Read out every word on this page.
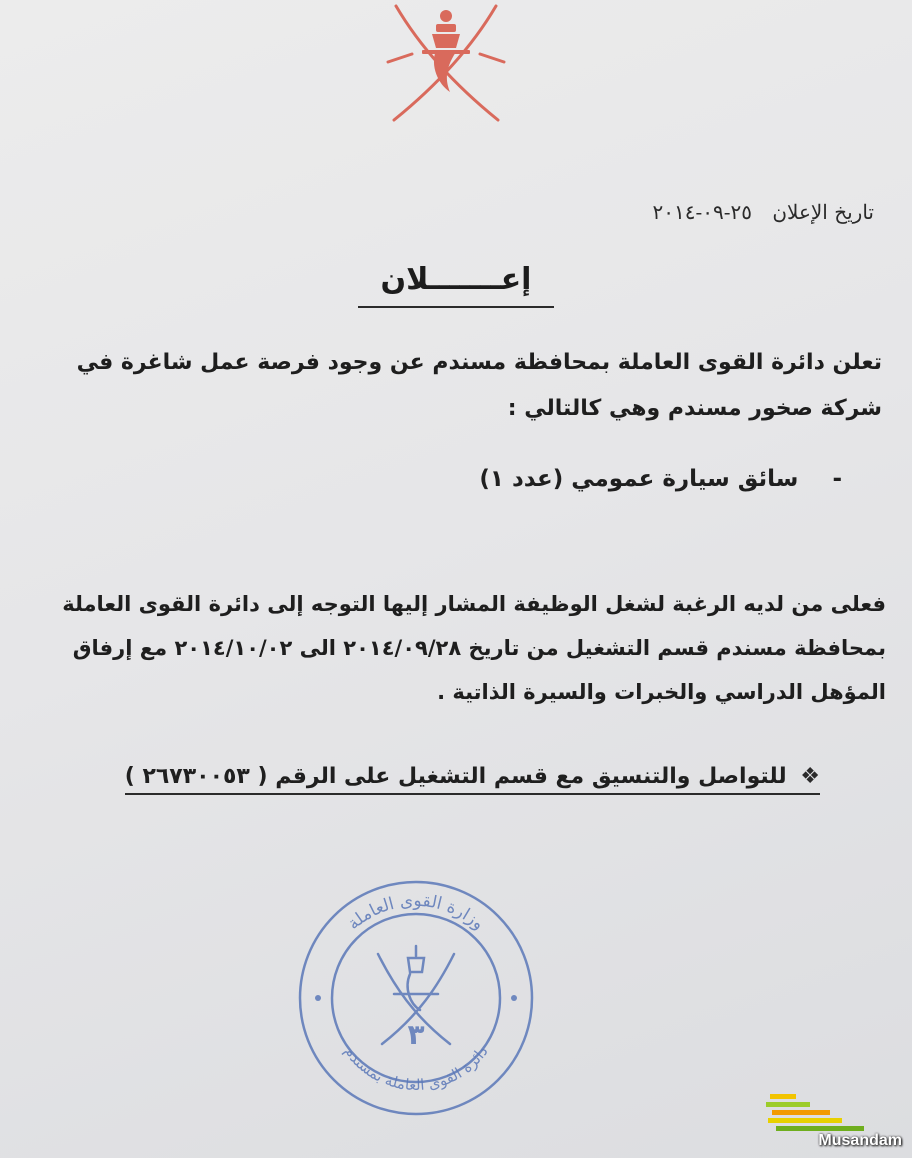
تاريخ الإعلان ٢٥-٠٩-٢٠١٤
إعـــــــلان
تعلن دائرة القوى العاملة بمحافظة مسندم عن وجود فرصة عمل شاغرة في شركة صخور مسندم وهي كالتالي :
- سائق سيارة عمومي (عدد ١)
فعلى من لديه الرغبة لشغل الوظيفة المشار إليها التوجه إلى دائرة القوى العاملة بمحافظة مسندم قسم التشغيل من تاريخ ٢٠١٤/٠٩/٢٨ الى ٢٠١٤/١٠/٠٢ مع إرفاق المؤهل الدراسي والخبرات والسيرة الذاتية .
❖ للتواصل والتنسيق مع قسم التشغيل على الرقم ( ٢٦٧٣٠٠٥٣ )
وزارة القوى العاملة
دائرة القوى العاملة بمسندم
٣
Musandam
